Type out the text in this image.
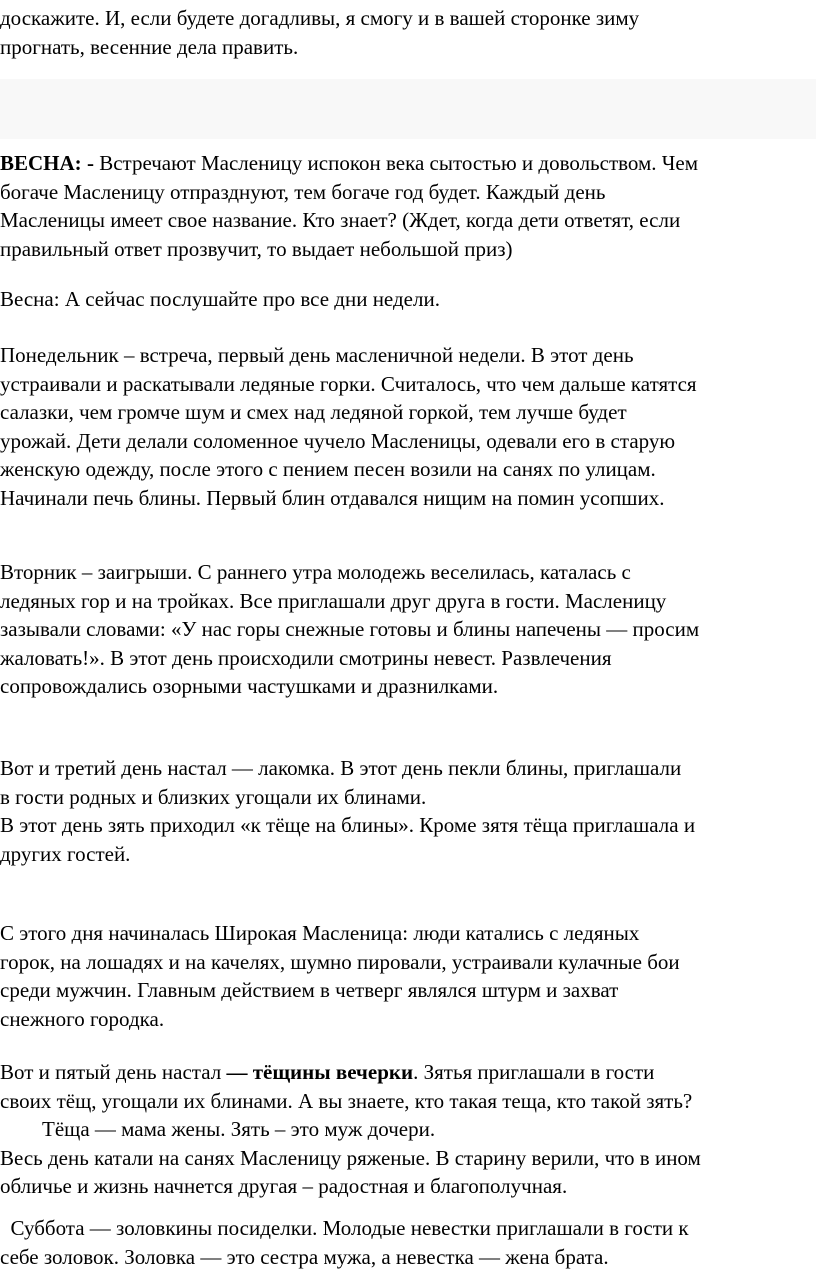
доскажите. И, если будете догадливы, я смогу и в вашей сторонке зиму
прогнать, весенние дела править.
ВЕСНА: - Встречают Масленицу испокон века сытостью и довольством. Чем
богаче Масленицу отпразднуют, тем богаче год будет. Каждый день
Масленицы имеет свое название. Кто знает? (Ждет, когда дети ответят, если
правильный ответ прозвучит, то выдает небольшой приз)
Весна: А сейчас послушайте про все дни недели.
Понедельник – встреча, первый день масленичной недели. В этот день
устраивали и раскатывали ледяные горки. Считалось, что чем дальше катятся
салазки, чем громче шум и смех над ледяной горкой, тем лучше будет
урожай. Дети делали соломенное чучело Масленицы, одевали его в старую
женскую одежду, после этого с пением песен возили на санях по улицам.
Начинали печь блины. Первый блин отдавался нищим на помин усопших.
Вторник – заигрыши. С раннего утра молодежь веселилась, каталась с
ледяных гор и на тройках. Все приглашали друг друга в гости. Масленицу
зазывали словами: «У нас горы снежные готовы и блины напечены — просим
жаловать!». В этот день происходили смотрины невест. Развлечения
сопровождались озорными частушками и дразнилками.
Вот и третий день настал — лакомка. В этот день пекли блины, приглашали
в гости родных и близких угощали их блинами.
В этот день зять приходил «к тёще на блины». Кроме зятя тёща приглашала и
других гостей.
С этого дня начиналась Широкая Масленица: люди катались с ледяных
горок, на лошадях и на качелях, шумно пировали, устраивали кулачные бои
среди мужчин. Главным действием в четверг являлся штурм и захват
снежного городка.
Вот и пятый день настал — тёщины вечерки. Зятья приглашали в гости
своих тёщ, угощали их блинами. А вы знаете, кто такая теща, кто такой зять?
Тёща — мама жены. Зять – это муж дочери.
Весь день катали на санях Масленицу ряженые. В старину верили, что в ином
обличье и жизнь начнется другая – радостная и благополучная.
Суббота — золовкины посиделки. Молодые невестки приглашали в гости к
себе золовок. Золовка — это сестра мужа, а невестка — жена брата.
